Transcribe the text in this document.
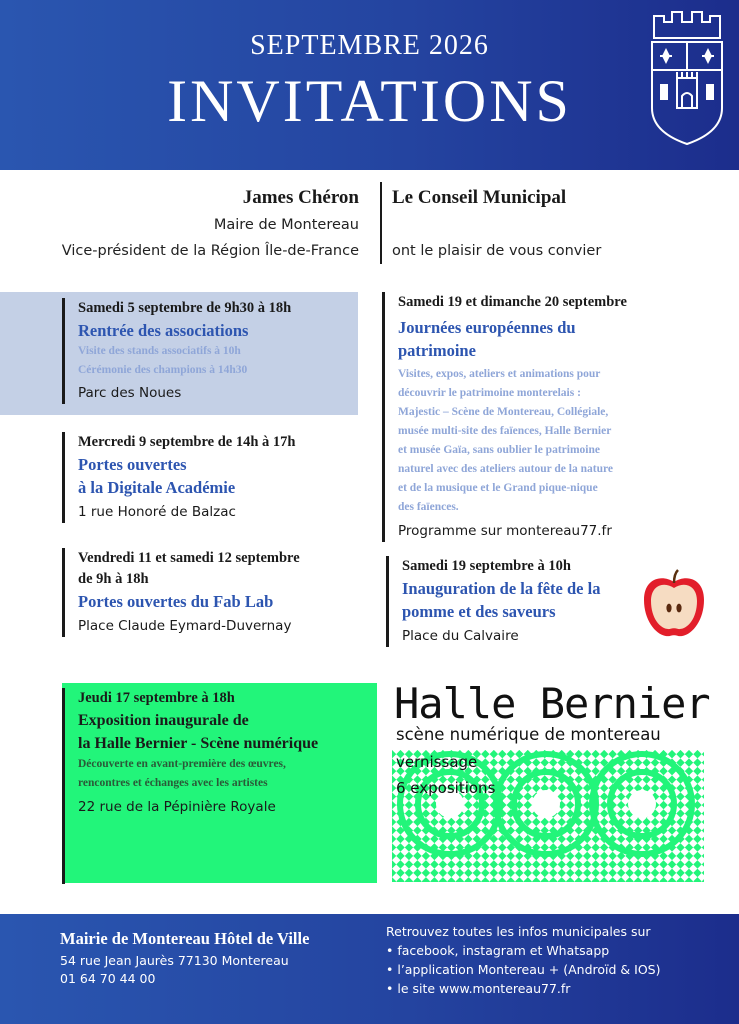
SEPTEMBRE 2026
INVITATIONS
James Chéron
Maire de Montereau
Vice-président de la Région Île-de-France
Le Conseil Municipal

ont le plaisir de vous convier
Samedi 5 septembre de 9h30 à 18h
Rentrée des associations
Visite des stands associatifs à 10h
Cérémonie des champions à 14h30
Parc des Noues
Mercredi 9 septembre de 14h à 17h
Portes ouvertes
à la Digitale Académie
1 rue Honoré de Balzac
Vendredi 11 et samedi 12 septembre
de 9h à 18h
Portes ouvertes du Fab Lab
Place Claude Eymard-Duvernay
Samedi 19 et dimanche 20 septembre
Journées européennes du
patrimoine
Visites, expos, ateliers et animations pour
découvrir le patrimoine monterelais :
Majestic – Scène de Montereau, Collégiale,
musée multi-site des faïences, Halle Bernier
et musée Gaïa, sans oublier le patrimoine
naturel avec des ateliers autour de la nature
et de la musique et le Grand pique-nique
des faïences.
Programme sur montereau77.fr
Samedi 19 septembre à 10h
Inauguration de la fête de la
pomme et des saveurs
Place du Calvaire
Jeudi 17 septembre à 18h
Exposition inaugurale de
la Halle Bernier - Scène numérique
Découverte en avant-première des œuvres,
rencontres et échanges avec les artistes
22 rue de la Pépinière Royale
Halle Bernier
scène numérique de montereau
vernissage
6 expositions
Mairie de Montereau Hôtel de Ville
54 rue Jean Jaurès 77130 Montereau
01 64 70 44 00
Retrouvez toutes les infos municipales sur
• facebook, instagram et Whatsapp
• l’application Montereau + (Androïd & IOS)
• le site www.montereau77.fr
